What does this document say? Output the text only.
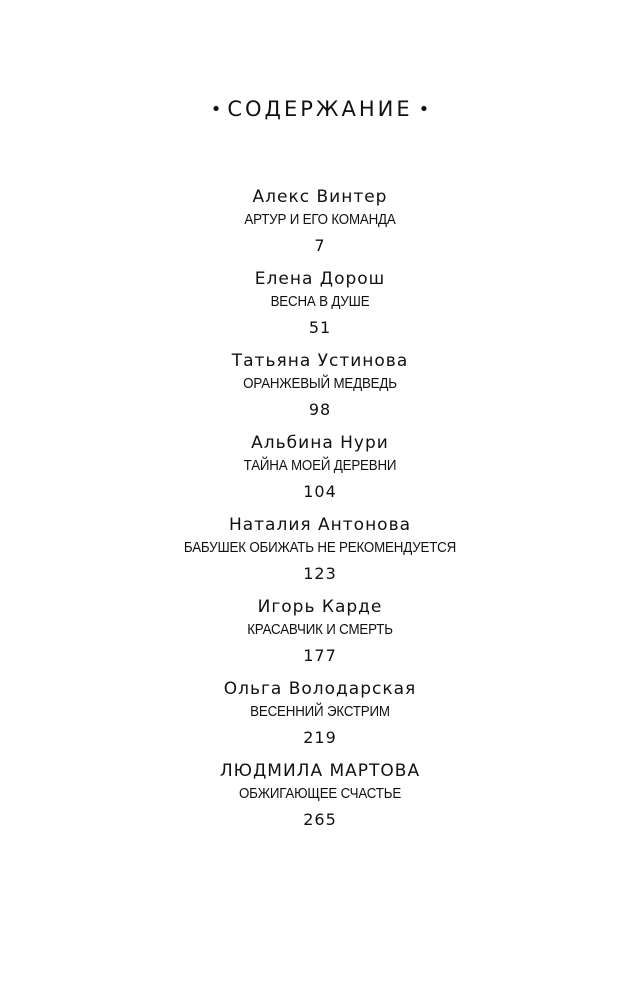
• СОДЕРЖАНИЕ •
Алекс Винтер
АРТУР И ЕГО КОМАНДА
7
Елена Дорош
ВЕСНА В ДУШЕ
51
Татьяна Устинова
ОРАНЖЕВЫЙ МЕДВЕДЬ
98
Альбина Нури
ТАЙНА МОЕЙ ДЕРЕВНИ
104
Наталия Антонова
БАБУШЕК ОБИЖАТЬ НЕ РЕКОМЕНДУЕТСЯ
123
Игорь Карде
КРАСАВЧИК И СМЕРТЬ
177
Ольга Володарская
ВЕСЕННИЙ ЭКСТРИМ
219
ЛЮДМИЛА МАРТОВА
ОБЖИГАЮЩЕЕ СЧАСТЬЕ
265
